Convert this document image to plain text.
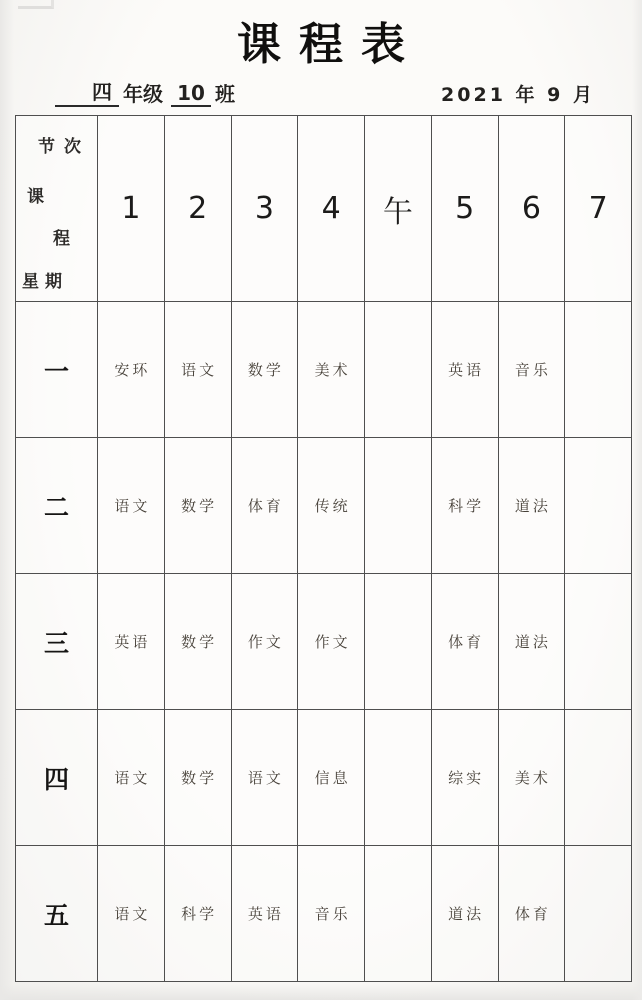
课程表
四 年级 10 班	2021 年 9 月
节次
课
程
星期	1	2	3	4	午	5	6	7
一	安环	语文	数学	美术		英语	音乐	
二	语文	数学	体育	传统		科学	道法	
三	英语	数学	作文	作文		体育	道法	
四	语文	数学	语文	信息		综实	美术	
五	语文	科学	英语	音乐		道法	体育	
